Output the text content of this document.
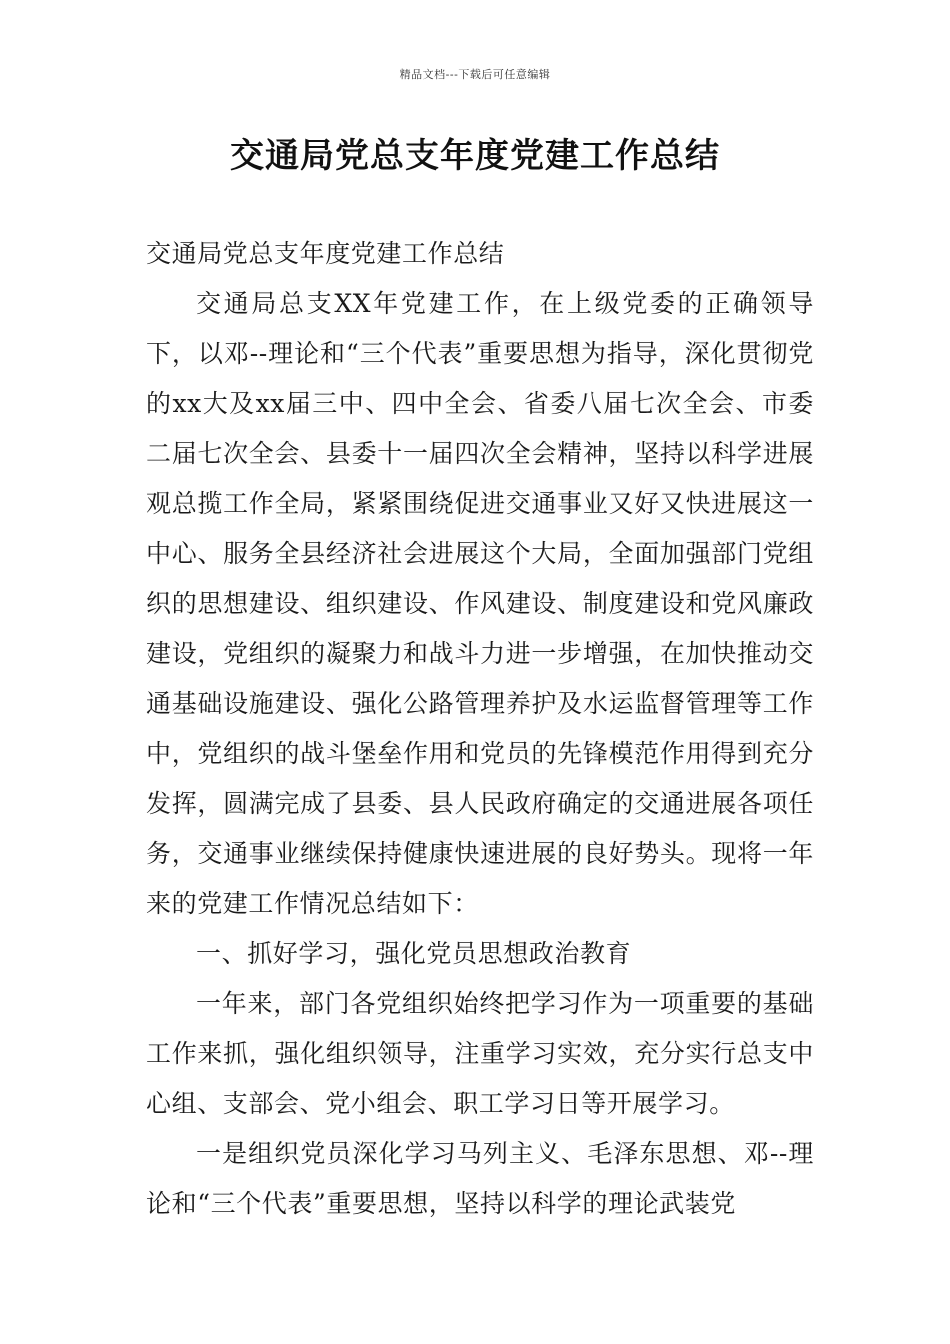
精品文档---下载后可任意编辑
交通局党总支年度党建工作总结

交通局党总支年度党建工作总结

交通局总支XX年党建工作，在上级党委的正确领导下，以邓--理论和“三个代表”重要思想为指导，深化贯彻党的xx大及xx届三中、四中全会、省委八届七次全会、市委二届七次全会、县委十一届四次全会精神，坚持以科学进展观总揽工作全局，紧紧围绕促进交通事业又好又快进展这一中心、服务全县经济社会进展这个大局，全面加强部门党组织的思想建设、组织建设、作风建设、制度建设和党风廉政建设，党组织的凝聚力和战斗力进一步增强，在加快推动交通基础设施建设、强化公路管理养护及水运监督管理等工作中，党组织的战斗堡垒作用和党员的先锋模范作用得到充分发挥，圆满完成了县委、县人民政府确定的交通进展各项任务，交通事业继续保持健康快速进展的良好势头。现将一年来的党建工作情况总结如下：

一、抓好学习，强化党员思想政治教育

一年来，部门各党组织始终把学习作为一项重要的基础工作来抓，强化组织领导，注重学习实效，充分实行总支中心组、支部会、党小组会、职工学习日等开展学习。

一是组织党员深化学习马列主义、毛泽东思想、邓--理论和“三个代表”重要思想，坚持以科学的理论武装党
